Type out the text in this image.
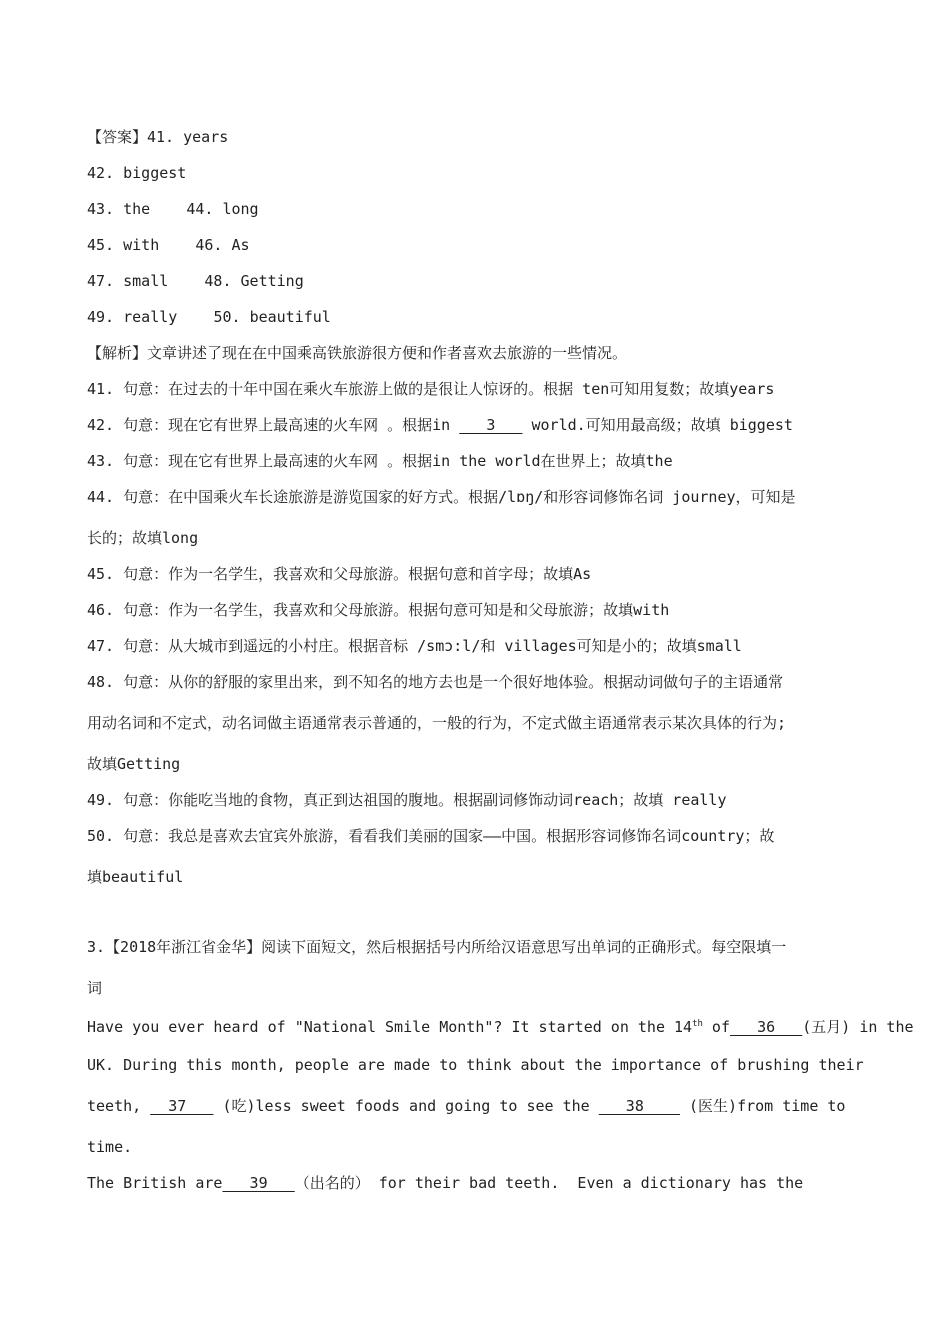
【答案】41. years
42. biggest
43. the 44. long
45. with 46. As
47. small 48. Getting
49. really 50. beautiful
【解析】文章讲述了现在在中国乘高铁旅游很方便和作者喜欢去旅游的一些情况。
41. 句意：在过去的十年中国在乘火车旅游上做的是很让人惊讶的。根据 ten可知用复数；故填years
42. 句意：现在它有世界上最高速的火车网 。根据in    3    world.可知用最高级；故填 biggest
43. 句意：现在它有世界上最高速的火车网 。根据in the world在世界上；故填the
44. 句意：在中国乘火车长途旅游是游览国家的好方式。根据/lɒŋ/和形容词修饰名词 journey，可知是
长的；故填long
45. 句意：作为一名学生，我喜欢和父母旅游。根据句意和首字母；故填As
46. 句意：作为一名学生，我喜欢和父母旅游。根据句意可知是和父母旅游；故填with
47. 句意：从大城市到遥远的小村庄。根据音标 /smɔ:l/和 villages可知是小的；故填small
48. 句意：从你的舒服的家里出来，到不知名的地方去也是一个很好地体验。根据动词做句子的主语通常
用动名词和不定式，动名词做主语通常表示普通的，一般的行为，不定式做主语通常表示某次具体的行为;
故填Getting
49. 句意：你能吃当地的食物，真正到达祖国的腹地。根据副词修饰动词reach；故填 really
50. 句意：我总是喜欢去宜宾外旅游，看看我们美丽的国家——中国。根据形容词修饰名词country；故
填beautiful
3.【2018年浙江省金华】阅读下面短文，然后根据括号内所给汉语意思写出单词的正确形式。每空限填一
词
Have you ever heard of "National Smile Month"? It started on the 14th of   36   (五月) in the
UK. During this month, people are made to think about the importance of brushing their
teeth,   37    (吃)less sweet foods and going to see the    38     (医生)from time to
time.
The British are   39   （出名的） for their bad teeth.  Even a dictionary has the
